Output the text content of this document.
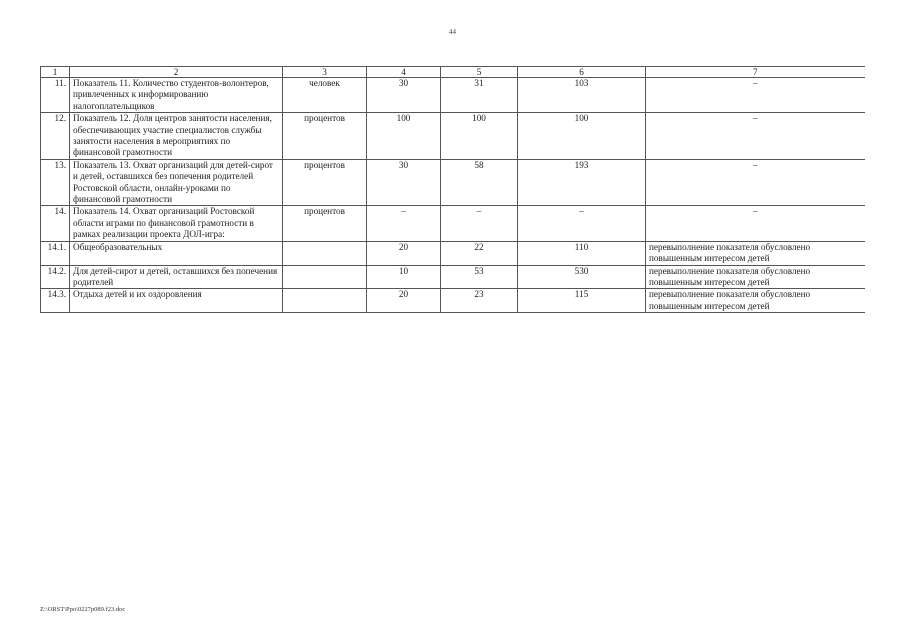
44
1	2	3	4	5	6	7
11.	Показатель 11. Количество студентов-волонтеров, привлеченных к информированию налогоплательщиков	человек	30	31	103	–
12.	Показатель 12. Доля центров занятости населения, обеспечивающих участие специалистов службы занятости населения в мероприятиях по финансовой грамотности	процентов	100	100	100	–
13.	Показатель 13. Охват организаций для детей-сирот и детей, оставшихся без попечения родителей Ростовской области, онлайн-уроками по финансовой грамотности	процентов	30	58	193	–
14.	Показатель 14. Охват организаций Ростовской области играми по финансовой грамотности в рамках реализации проекта ДОЛ-игра:	процентов	–	–	–	–
14.1.	Общеобразовательных		20	22	110	перевыполнение показателя обусловлено повышенным интересом детей
14.2.	Для детей-сирот и детей, оставшихся без попечения родителей		10	53	530	перевыполнение показателя обусловлено повышенным интересом детей
14.3.	Отдыха детей и их оздоровления		20	23	115	перевыполнение показателя обусловлено повышенным интересом детей
Z:\ORST\Ppo\0227p089.f23.doc
